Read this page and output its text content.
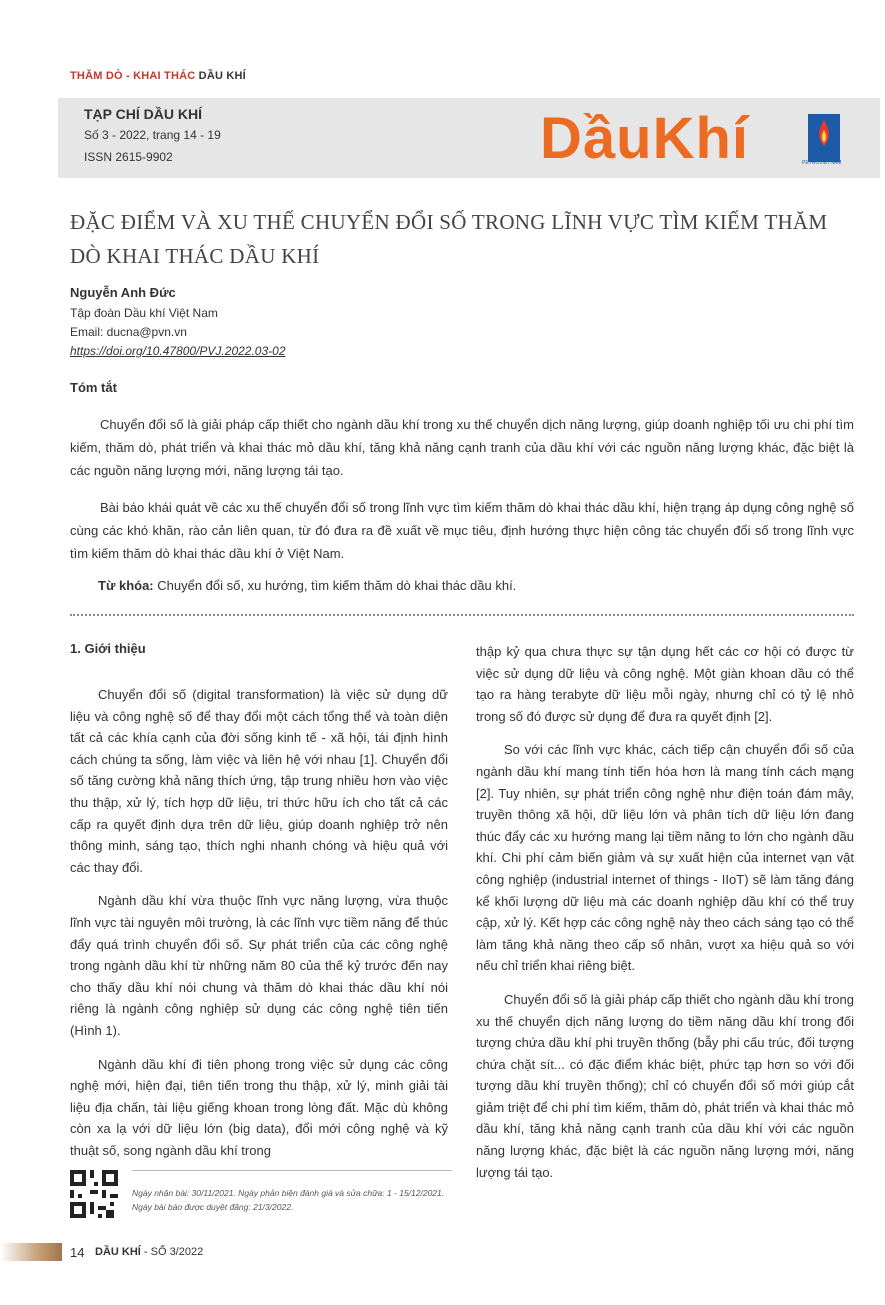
THĂM DÒ - KHAI THÁC DẦU KHÍ
TẠP CHÍ DẦU KHÍ
Số 3 - 2022, trang 14 - 19
ISSN 2615-9902	DầuKhí	PETROVIETNAM
ĐẶC ĐIỂM VÀ XU THẾ CHUYỂN ĐỔI SỐ TRONG LĨNH VỰC TÌM KIẾM THĂM DÒ KHAI THÁC DẦU KHÍ
Nguyễn Anh Đức
Tập đoàn Dầu khí Việt Nam
Email: ducna@pvn.vn
https://doi.org/10.47800/PVJ.2022.03-02
Tóm tắt
Chuyển đổi số là giải pháp cấp thiết cho ngành dầu khí trong xu thế chuyển dịch năng lượng, giúp doanh nghiệp tối ưu chi phí tìm kiếm, thăm dò, phát triển và khai thác mỏ dầu khí, tăng khả năng cạnh tranh của dầu khí với các nguồn năng lượng khác, đặc biệt là các nguồn năng lượng mới, năng lượng tái tạo.
Bài báo khái quát về các xu thế chuyển đổi số trong lĩnh vực tìm kiếm thăm dò khai thác dầu khí, hiện trạng áp dụng công nghệ số cùng các khó khăn, rào cản liên quan, từ đó đưa ra đề xuất về mục tiêu, định hướng thực hiện công tác chuyển đổi số trong lĩnh vực tìm kiếm thăm dò khai thác dầu khí ở Việt Nam.
Từ khóa: Chuyển đổi số, xu hướng, tìm kiếm thăm dò khai thác dầu khí.
1. Giới thiệu

Chuyển đổi số (digital transformation) là việc sử dụng dữ liệu và công nghệ số để thay đổi một cách tổng thể và toàn diện tất cả các khía cạnh của đời sống kinh tế - xã hội, tái định hình cách chúng ta sống, làm việc và liên hệ với nhau [1]. Chuyển đổi số tăng cường khả năng thích ứng, tập trung nhiều hơn vào việc thu thập, xử lý, tích hợp dữ liệu, trí thức hữu ích cho tất cả các cấp ra quyết định dựa trên dữ liệu, giúp doanh nghiệp trở nên thông minh, sáng tạo, thích nghi nhanh chóng và hiệu quả với các thay đổi.

Ngành dầu khí vừa thuộc lĩnh vực năng lượng, vừa thuộc lĩnh vực tài nguyên môi trường, là các lĩnh vực tiềm năng để thúc đẩy quá trình chuyển đổi số. Sự phát triển của các công nghệ trong ngành dầu khí từ những năm 80 của thế kỷ trước đến nay cho thấy dầu khí nói chung và thăm dò khai thác dầu khí nói riêng là ngành công nghiệp sử dụng các công nghệ tiên tiến (Hình 1).

Ngành dầu khí đi tiên phong trong việc sử dụng các công nghệ mới, hiện đại, tiên tiến trong thu thập, xử lý, minh giải tài liệu địa chấn, tài liệu giếng khoan trong lòng đất. Mặc dù không còn xa lạ với dữ liệu lớn (big data), đổi mới công nghệ và kỹ thuật số, song ngành dầu khí trong

thập kỷ qua chưa thực sự tận dụng hết các cơ hội có được từ việc sử dụng dữ liệu và công nghệ. Một giàn khoan dầu có thể tạo ra hàng terabyte dữ liệu mỗi ngày, nhưng chỉ có tỷ lệ nhỏ trong số đó được sử dụng để đưa ra quyết định [2].

So với các lĩnh vực khác, cách tiếp cận chuyển đổi số của ngành dầu khí mang tính tiến hóa hơn là mang tính cách mạng [2]. Tuy nhiên, sự phát triển công nghệ như điện toán đám mây, truyền thông xã hội, dữ liệu lớn và phân tích dữ liệu lớn đang thúc đẩy các xu hướng mang lại tiềm năng to lớn cho ngành dầu khí. Chi phí cảm biến giảm và sự xuất hiện của internet vạn vật công nghiệp (industrial internet of things - IIoT) sẽ làm tăng đáng kể khối lượng dữ liệu mà các doanh nghiệp dầu khí có thể truy cập, xử lý. Kết hợp các công nghệ này theo cách sáng tạo có thể làm tăng khả năng theo cấp số nhân, vượt xa hiệu quả so với nếu chỉ triển khai riêng biệt.

Chuyển đổi số là giải pháp cấp thiết cho ngành dầu khí trong xu thế chuyển dịch năng lượng do tiềm năng dầu khí trong đối tượng chứa dầu khí phi truyền thống (bẫy phi cấu trúc, đối tượng chứa chặt sít... có đặc điểm khác biệt, phức tạp hơn so với đối tượng dầu khí truyền thống); chỉ có chuyển đổi số mới giúp cắt giảm triệt để chi phí tìm kiếm, thăm dò, phát triển và khai thác mỏ dầu khí, tăng khả năng cạnh tranh của dầu khí với các nguồn năng lượng khác, đặc biệt là các nguồn năng lượng mới, năng lượng tái tạo.

Ngày nhận bài: 30/11/2021. Ngày phản biện đánh giá và sửa chữa: 1 - 15/12/2021.
Ngày bài báo được duyệt đăng: 21/3/2022.
14 DẦU KHÍ - SỐ 3/2022
